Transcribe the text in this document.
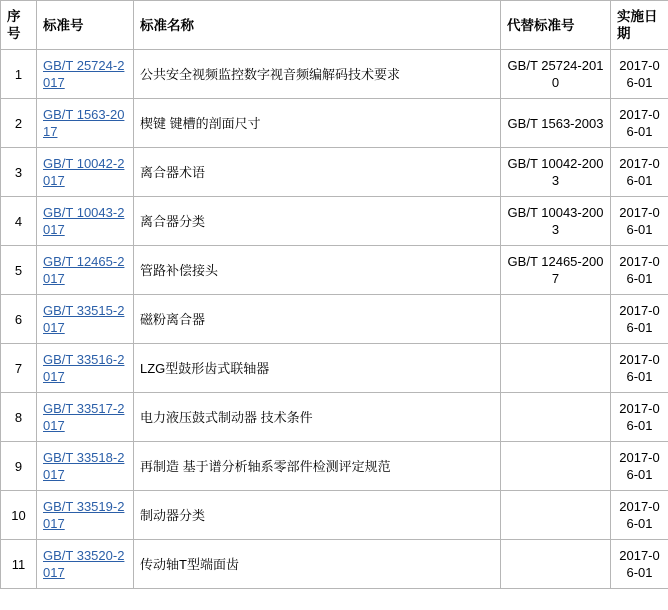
序号	标准号	标准名称	代替标准号	实施日期
1	GB/T 25724-2017	公共安全视频监控数字视音频编解码技术要求	GB/T 25724-2010	2017-06-01
2	GB/T 1563-2017	楔键 键槽的剖面尺寸	GB/T 1563-2003	2017-06-01
3	GB/T 10042-2017	离合器术语	GB/T 10042-2003	2017-06-01
4	GB/T 10043-2017	离合器分类	GB/T 10043-2003	2017-06-01
5	GB/T 12465-2017	管路补偿接头	GB/T 12465-2007	2017-06-01
6	GB/T 33515-2017	磁粉离合器		2017-06-01
7	GB/T 33516-2017	LZG型鼓形齿式联轴器		2017-06-01
8	GB/T 33517-2017	电力液压鼓式制动器 技术条件		2017-06-01
9	GB/T 33518-2017	再制造 基于谱分析轴系零部件检测评定规范		2017-06-01
10	GB/T 33519-2017	制动器分类		2017-06-01
11	GB/T 33520-2017	传动轴T型端面齿		2017-06-01
